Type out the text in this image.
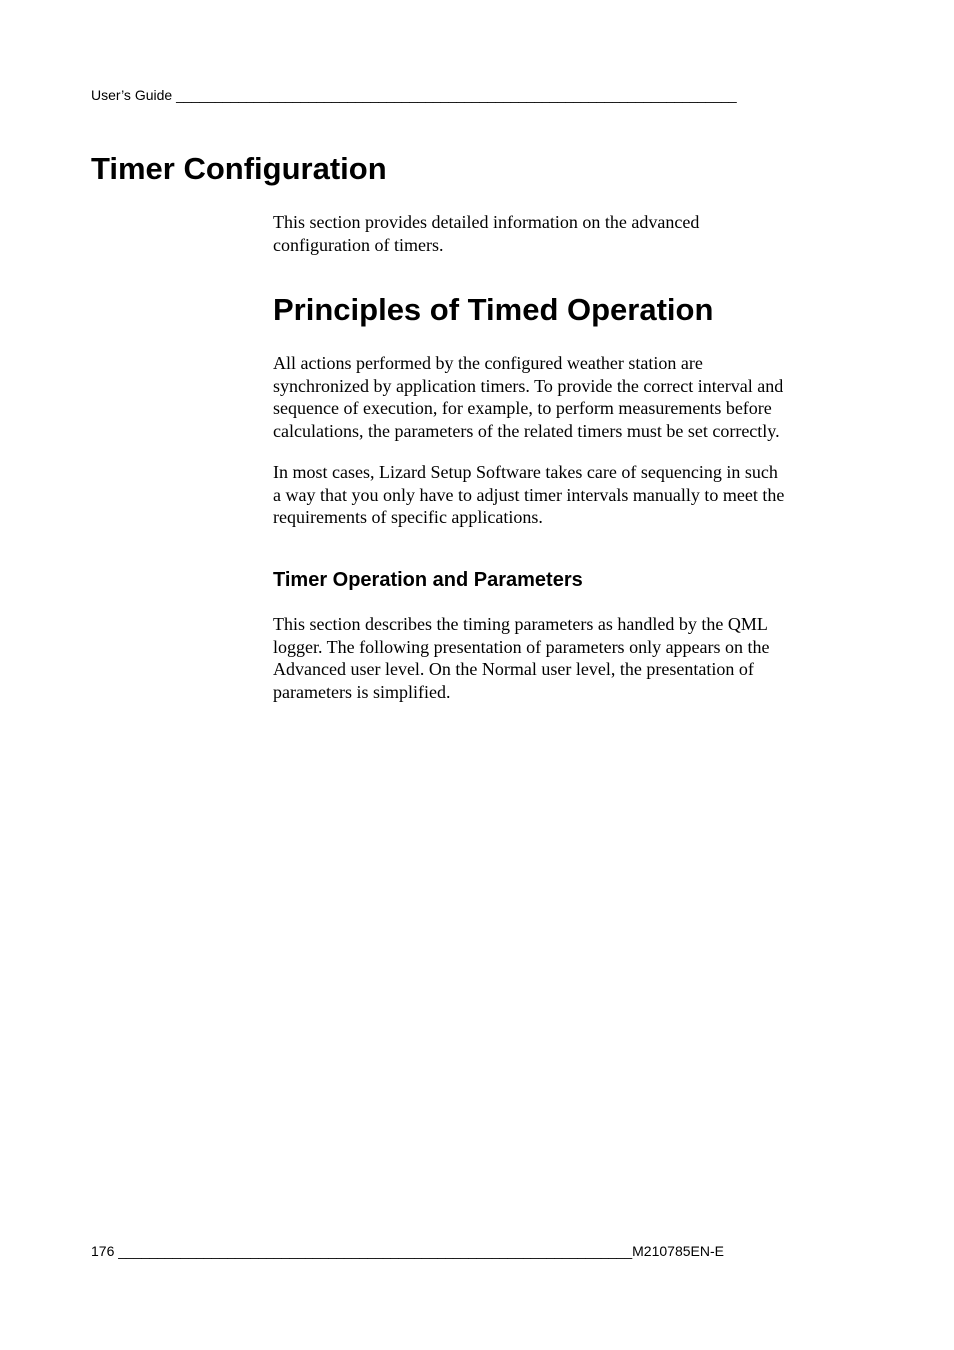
User’s Guide ________________________________________________________________________
Timer Configuration
This section provides detailed information on the advanced
configuration of timers.
Principles of Timed Operation
All actions performed by the configured weather station are
synchronized by application timers. To provide the correct interval and
sequence of execution, for example, to perform measurements before
calculations, the parameters of the related timers must be set correctly.
In most cases, Lizard Setup Software takes care of sequencing in such
a way that you only have to adjust timer intervals manually to meet the
requirements of specific applications.
Timer Operation and Parameters
This section describes the timing parameters as handled by the QML
logger. The following presentation of parameters only appears on the
Advanced user level. On the Normal user level, the presentation of
parameters is simplified.
176 __________________________________________________________________M210785EN-E
